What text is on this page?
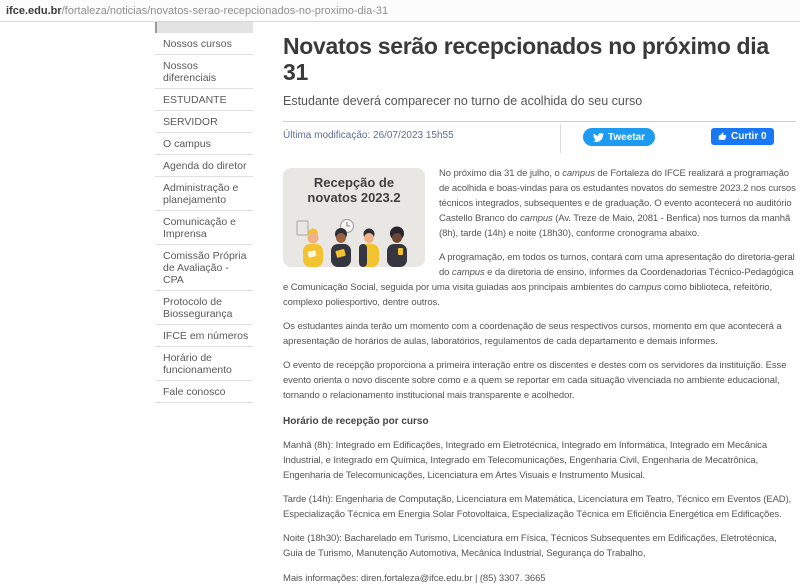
ifce.edu.br /fortaleza/noticias/novatos-serao-recepcionados-no-proximo-dia-31
Nossos cursos
Nossos diferenciais
ESTUDANTE
SERVIDOR
O campus
Agenda do diretor
Administração e planejamento
Comunicação e Imprensa
Comissão Própria de Avaliação - CPA
Protocolo de Biossegurança
IFCE em números
Horário de funcionamento
Fale conosco
Novatos serão recepcionados no próximo dia 31
Estudante deverá comparecer no turno de acolhida do seu curso
Última modificação: 26/07/2023 15h55	Tweetar	Curtir 0
Recepção de
novatos 2023.2

No próximo dia 31 de julho, o campus de Fortaleza do IFCE realizará a programação de acolhida e boas-vindas para os estudantes novatos do semestre 2023.2 nos cursos técnicos integrados, subsequentes e de graduação. O evento acontecerá no auditório Castello Branco do campus (Av. Treze de Maio, 2081 - Benfica) nos turnos da manhã (8h), tarde (14h) e noite (18h30), conforme cronograma abaixo.

A programação, em todos os turnos, contará com uma apresentação do diretoria-geral do campus e da diretoria de ensino, informes da Coordenadorias Técnico-Pedagógica e Comunicação Social, seguida por uma visita guiadas aos principais ambientes do campus como biblioteca, refeitório, complexo poliesportivo, dentre outros.

Os estudantes ainda terão um momento com a coordenação de seus respectivos cursos, momento em que acontecerá a apresentação de horários de aulas, laboratórios, regulamentos de cada departamento e demais informes.

O evento de recepção proporciona a primeira interação entre os discentes e destes com os servidores da instituição. Esse evento orienta o novo discente sobre como e a quem se reportar em cada situação vivenciada no ambiente educacional, tornando o relacionamento institucional mais transparente e acolhedor.

Horário de recepção por curso

Manhã (8h): Integrado em Edificações, Integrado em Eletrotécnica, Integrado em Informática, Integrado em Mecânica Industrial, e Integrado em Química, Integrado em Telecomunicações, Engenharia Civil, Engenharia de Mecatrônica, Engenharia de Telecomunicações, Licenciatura em Artes Visuais e Instrumento Musical.

Tarde (14h): Engenharia de Computação, Licenciatura em Matemática, Licenciatura em Teatro, Técnico em Eventos (EAD), Especialização Técnica em Energia Solar Fotovoltaica, Especialização Técnica em Eficiência Energética em Edificações.

Noite (18h30): Bacharelado em Turismo, Licenciatura em Física, Técnicos Subsequentes em Edificações, Eletrotécnica, Guia de Turismo, Manutenção Automotiva, Mecânica Industrial, Segurança do Trabalho,

Mais informações: diren.fortaleza@ifce.edu.br | (85) 3307. 3665
